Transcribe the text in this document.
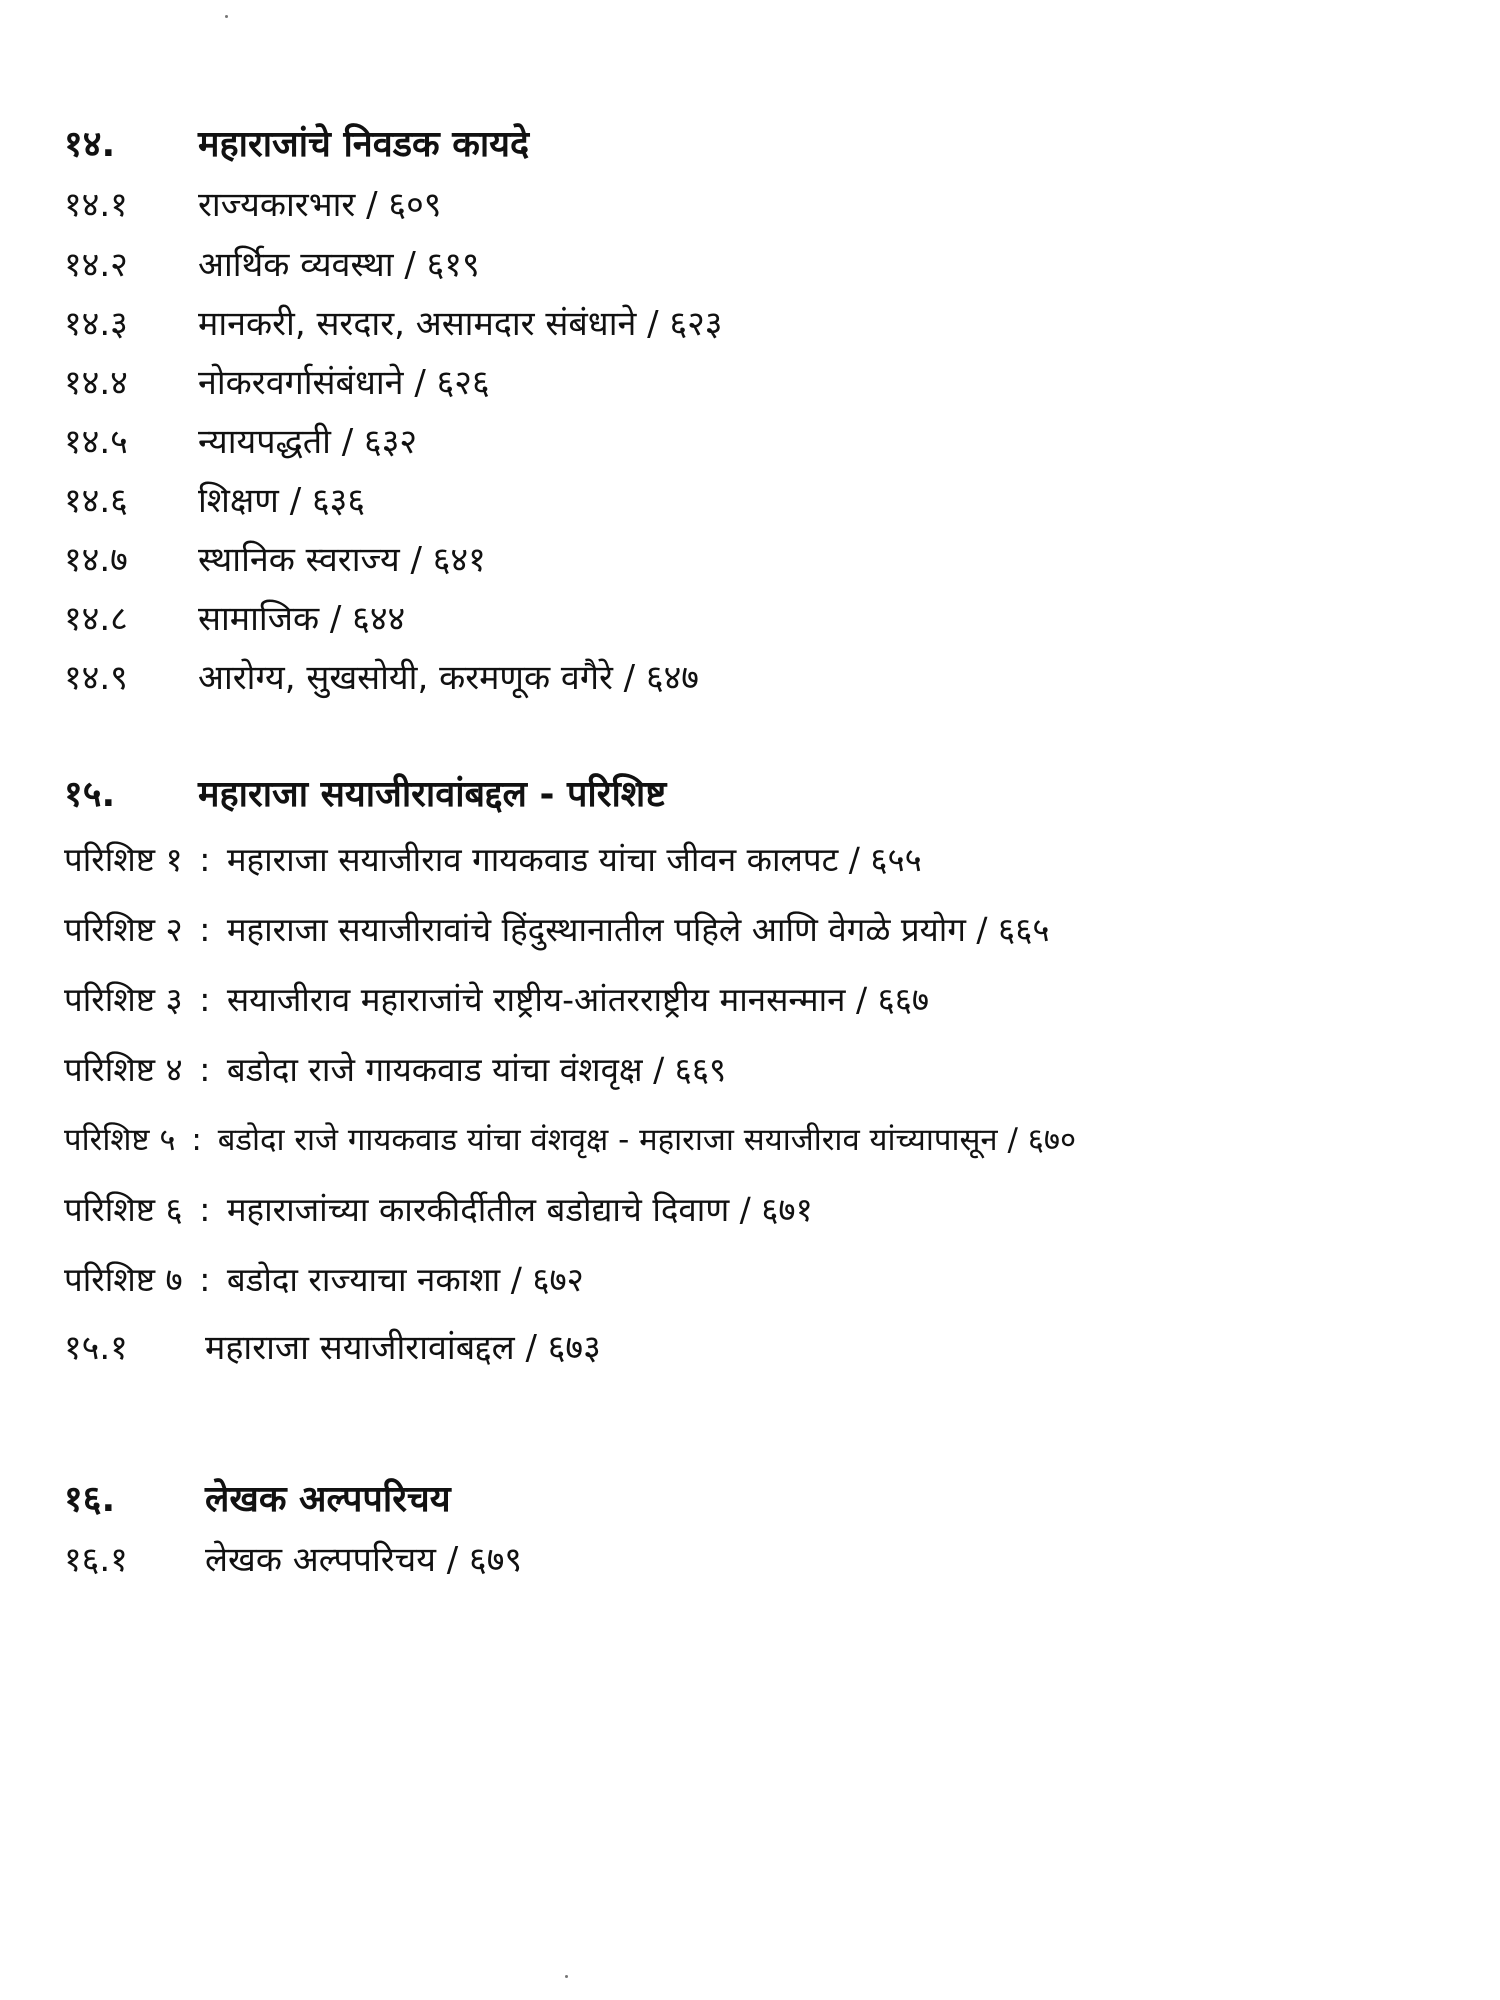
१४. महाराजांचे निवडक कायदे
१४.१ राज्यकारभार / ६०९
१४.२ आर्थिक व्यवस्था / ६१९
१४.३ मानकरी, सरदार, असामदार संबंधाने / ६२३
१४.४ नोकरवर्गासंबंधाने / ६२६
१४.५ न्यायपद्धती / ६३२
१४.६ शिक्षण / ६३६
१४.७ स्थानिक स्वराज्य / ६४१
१४.८ सामाजिक / ६४४
१४.९ आरोग्य, सुखसोयी, करमणूक वगैरे / ६४७
१५. महाराजा सयाजीरावांबद्दल - परिशिष्ट
परिशिष्ट १ : महाराजा सयाजीराव गायकवाड यांचा जीवन कालपट / ६५५
परिशिष्ट २ : महाराजा सयाजीरावांचे हिंदुस्थानातील पहिले आणि वेगळे प्रयोग / ६६५
परिशिष्ट ३ : सयाजीराव महाराजांचे राष्ट्रीय-आंतरराष्ट्रीय मानसन्मान / ६६७
परिशिष्ट ४ : बडोदा राजे गायकवाड यांचा वंशवृक्ष / ६६९
परिशिष्ट ५ : बडोदा राजे गायकवाड यांचा वंशवृक्ष - महाराजा सयाजीराव यांच्यापासून / ६७०
परिशिष्ट ६ : महाराजांच्या कारकीर्दीतील बडोद्याचे दिवाण / ६७१
परिशिष्ट ७ : बडोदा राज्याचा नकाशा / ६७२
१५.१ महाराजा सयाजीरावांबद्दल / ६७३
१६. लेखक अल्पपरिचय
१६.१ लेखक अल्पपरिचय / ६७९
